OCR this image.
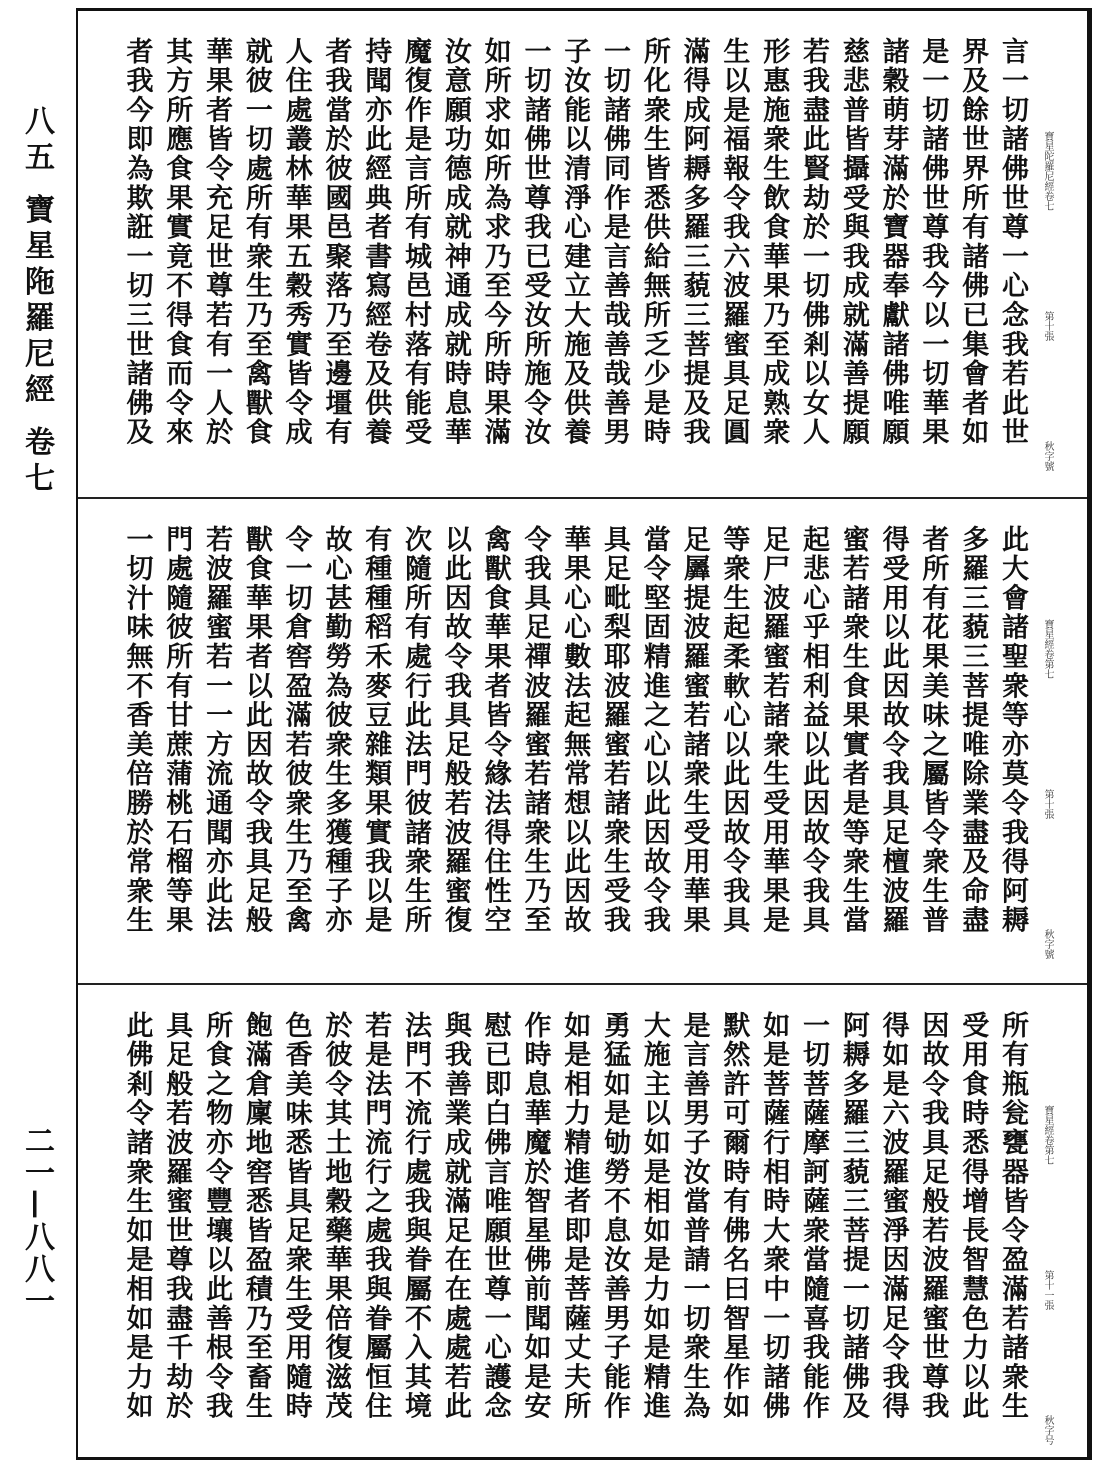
八五 寶星陁羅尼經 卷七
二一—八八一
寶星陀羅尼經卷七
第十張
秋字號
言一切諸佛世尊一心念我若此世
界及餘世界所有諸佛已集會者如
是一切諸佛世尊我今以一切華果
諸穀萌芽滿於寶器奉獻諸佛唯願
慈悲普皆攝受與我成就滿善提願
若我盡此賢劫於一切佛剎以女人
形惠施衆生飲食華果乃至成熟衆
生以是福報令我六波羅蜜具足圓
滿得成阿耨多羅三藐三菩提及我
所化衆生皆悉供給無所乏少是時
一切諸佛同作是言善哉善哉善男
子汝能以清淨心建立大施及供養
一切諸佛世尊我已受汝所施令汝
如所求如所為求乃至今所時果滿
汝意願功德成就神通成就時息華
魔復作是言所有城邑村落有能受
持聞亦此經典者書寫經卷及供養
者我當於彼國邑聚落乃至邊壃有
人住處叢林華果五穀秀實皆令成
就彼一切處所有衆生乃至禽獸食
華果者皆令充足世尊若有一人於
其方所應食果實竟不得食而令來
者我今即為欺誑一切三世諸佛及
寶星經卷第七
第十張
秋字號
此大會諸聖衆等亦莫令我得阿耨
多羅三藐三菩提唯除業盡及命盡
者所有花果美味之屬皆令衆生普
得受用以此因故令我具足檀波羅
蜜若諸衆生食果實者是等衆生當
起悲心乎相利益以此因故令我具
足尸波羅蜜若諸衆生受用華果是
等衆生起柔軟心以此因故令我具
足羼提波羅蜜若諸衆生受用華果
當令堅固精進之心以此因故令我
具足毗梨耶波羅蜜若諸衆生受我
華果心心數法起無常想以此因故
令我具足禪波羅蜜若諸衆生乃至
禽獸食華果者皆令緣法得住性空
以此因故令我具足般若波羅蜜復
次隨所有處行此法門彼諸衆生所
有種種稻禾麥豆雜類果實我以是
故心甚勤勞為彼衆生多獲種子亦
令一切倉窖盈滿若彼衆生乃至禽
獸食華果者以此因故令我具足般
若波羅蜜若一一方流通聞亦此法
門處隨彼所有甘蔗蒲桃石榴等果
一切汁味無不香美倍勝於常衆生
寶星經卷第七
第十一張
秋字号
所有瓶瓮甕器皆令盈滿若諸衆生
受用食時悉得增長智慧色力以此
因故令我具足般若波羅蜜世尊我
得如是六波羅蜜淨因滿足令我得
阿耨多羅三藐三菩提一切諸佛及
一切菩薩摩訶薩衆當隨喜我能作
如是菩薩行相時大衆中一切諸佛
默然許可爾時有佛名曰智星作如
是言善男子汝當普請一切衆生為
大施主以如是相如是力如是精進
勇猛如是劬勞不息汝善男子能作
如是相力精進者即是菩薩丈夫所
作時息華魔於智星佛前聞如是安
慰已即白佛言唯願世尊一心護念
與我善業成就滿足在在處處若此
法門不流行處我與眷屬不入其境
若是法門流行之處我與眷屬恒住
於彼令其土地穀藥華果倍復滋茂
色香美味悉皆具足衆生受用隨時
飽滿倉廩地窖悉皆盈積乃至畜生
所食之物亦令豐壤以此善根令我
具足般若波羅蜜世尊我盡千劫於
此佛剎令諸衆生如是相如是力如
